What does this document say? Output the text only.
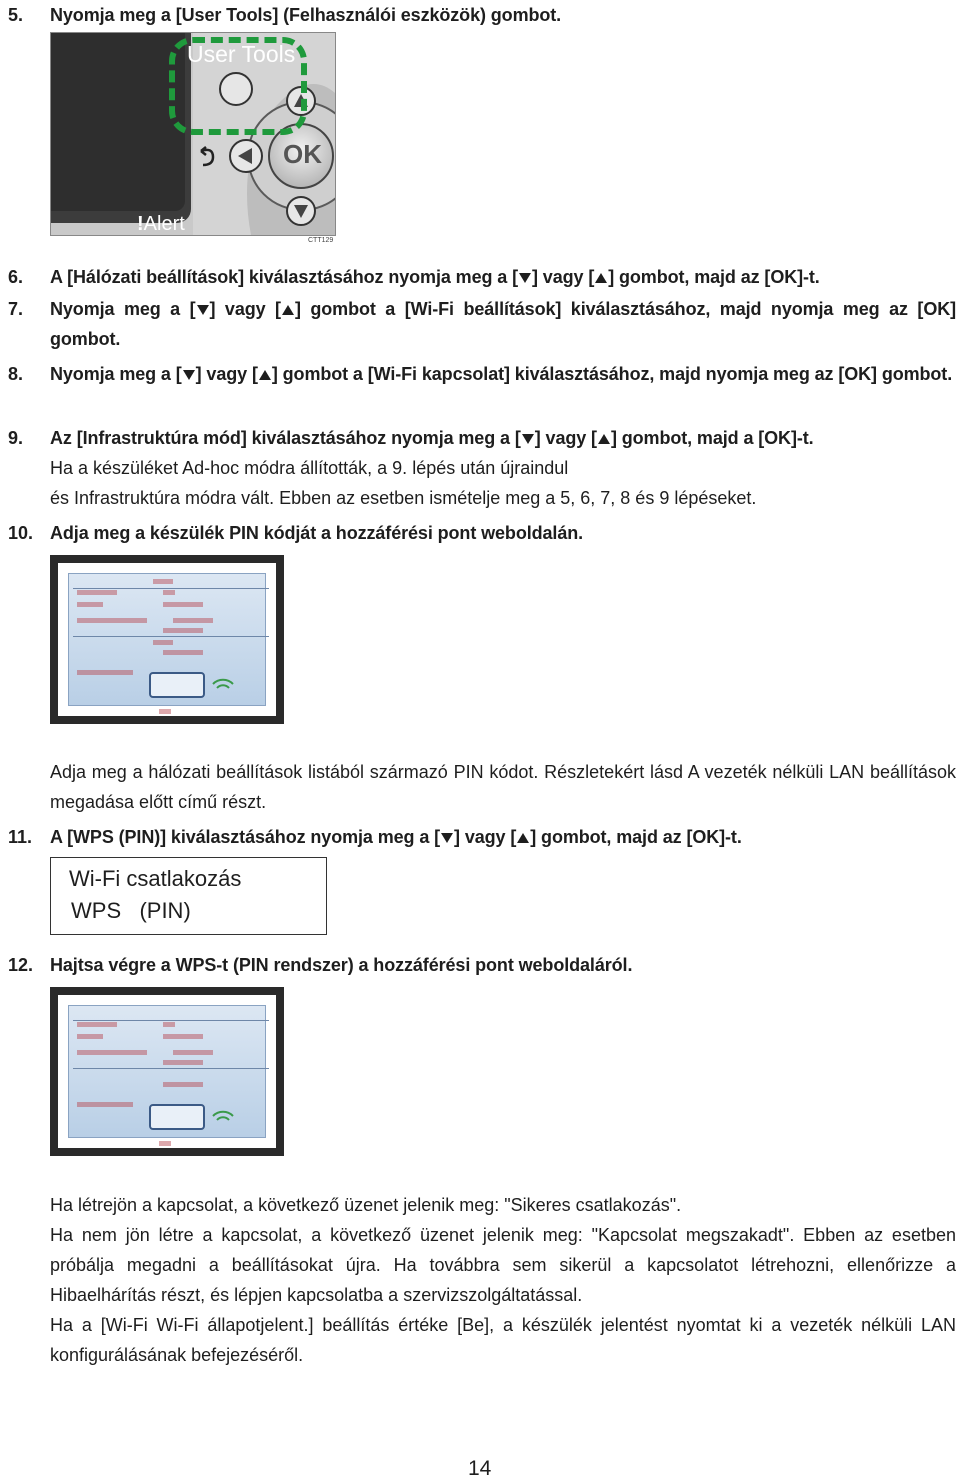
5. Nyomja meg a [User Tools] (Felhasználói eszközök) gombot.
User Tools
OK
!Alert
CTT129
6. A [Hálózati beállítások] kiválasztásához nyomja meg a [ ] vagy [ ] gombot, majd az [OK]-t.
7. Nyomja meg a [ ] vagy [ ] gombot a [Wi-Fi beállítások] kiválasztásához, majd nyomja meg az [OK] gombot.
8. Nyomja meg a [ ] vagy [ ] gombot a [Wi-Fi kapcsolat] kiválasztásához, majd nyomja meg az [OK] gombot.
9. Az [Infrastruktúra mód] kiválasztásához nyomja meg a [ ] vagy [ ] gombot, majd a [OK]-t.
Ha a készüléket Ad-hoc módra állították, a 9. lépés után újraindul
és Infrastruktúra módra vált. Ebben az esetben ismételje meg a 5, 6, 7, 8 és 9 lépéseket.
10. Adja meg a készülék PIN kódját a hozzáférési pont weboldalán.
Adja meg a hálózati beállítások listából származó PIN kódot. Részletekért lásd A vezeték nélküli LAN beállítások megadása előtt című részt.
11. A [WPS (PIN)] kiválasztásához nyomja meg a [ ] vagy [ ] gombot, majd az [OK]-t.
Wi-Fi csatlakozás
WPS   (PIN)
12. Hajtsa végre a WPS-t (PIN rendszer) a hozzáférési pont weboldaláról.
Ha létrejön a kapcsolat, a következő üzenet jelenik meg: "Sikeres csatlakozás".
Ha nem jön létre a kapcsolat, a következő üzenet jelenik meg: "Kapcsolat megszakadt". Ebben az esetben próbálja megadni a beállításokat újra. Ha továbbra sem sikerül a kapcsolatot létrehozni, ellenőrizze a Hibaelhárítás részt, és lépjen kapcsolatba a szervizszolgáltatással.
Ha a [Wi-Fi Wi-Fi állapotjelent.] beállítás értéke [Be], a készülék jelentést nyomtat ki a vezeték nélküli LAN konfigurálásának befejezéséről.
14
